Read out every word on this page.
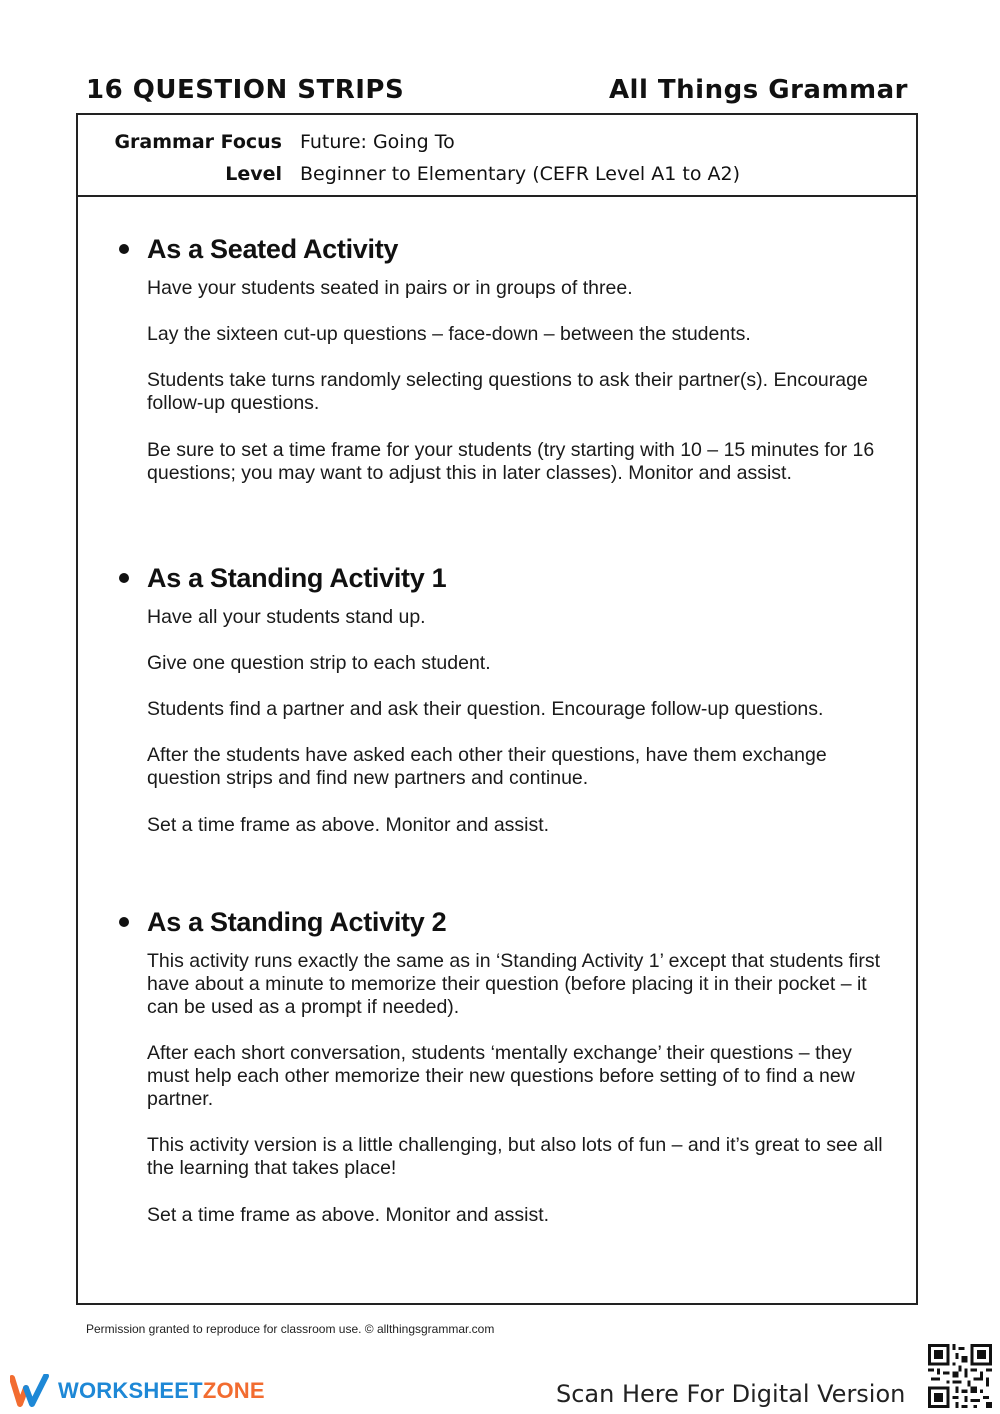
16 QUESTION STRIPS	All Things Grammar
Grammar Focus Future: Going To
Level Beginner to Elementary (CEFR Level A1 to A2)
As a Seated Activity

Have your students seated in pairs or in groups of three.

Lay the sixteen cut-up questions – face-down – between the students.

Students take turns randomly selecting questions to ask their partner(s). Encourage follow-up questions.

Be sure to set a time frame for your students (try starting with 10 – 15 minutes for 16 questions; you may want to adjust this in later classes). Monitor and assist.

As a Standing Activity 1

Have all your students stand up.

Give one question strip to each student.

Students find a partner and ask their question. Encourage follow-up questions.

After the students have asked each other their questions, have them exchange question strips and find new partners and continue.

Set a time frame as above. Monitor and assist.

As a Standing Activity 2

This activity runs exactly the same as in ‘Standing Activity 1’ except that students first have about a minute to memorize their question (before placing it in their pocket – it can be used as a prompt if needed).

After each short conversation, students ‘mentally exchange’ their questions – they must help each other memorize their new questions before setting of to find a new partner.

This activity version is a little challenging, but also lots of fun – and it’s great to see all the learning that takes place!

Set a time frame as above. Monitor and assist.

Permission granted to reproduce for classroom use. © allthingsgrammar.com
WORKSHEETZONE	Scan Here For Digital Version
